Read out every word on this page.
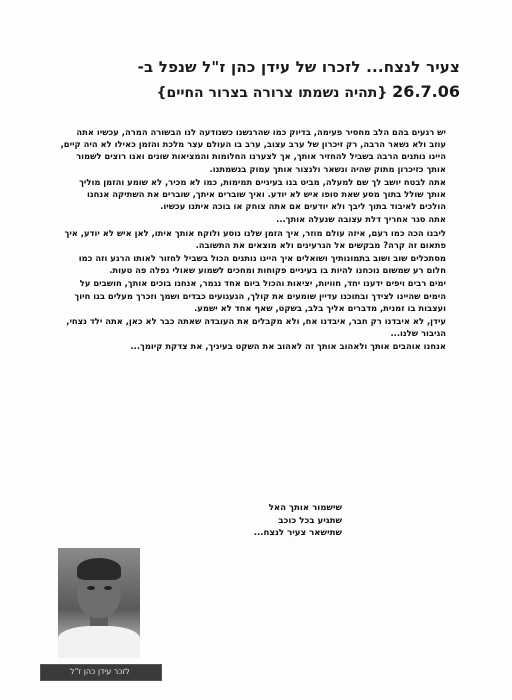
צעיר לנצח... לזכרו של עידן כהן ז"ל שנפל ב-
26.7.06 {תהיה נשמתו צרורה בצרור החיים}

יש רגעים בהם הלב מחסיר פעימה, בדיוק כמו שהרגשנו כשנודעה לנו הבשורה המרה, עכשיו אתה עוזב ולא נשאר הרבה, רק זיכרון של ערב עצוב, ערב בו העולם עצר מלכת והזמן כאילו לא היה קיים, היינו נותנים הרבה בשביל להחזיר אותך, אך לצערנו החלומות והמציאות שונים ואנו רוצים לשמור אותך כזיכרון מתוק שהיה ונשאר ולנצור אותך עמוק בנשמתנו.

אתה לבטח יושב לך שם למעלה, מביט בנו בעיניים תמימות, כמו לא מכיר, לא שומע והזמן מוליך אותך שולל בתוך מסע שאת סופו איש לא יודע. ואיך שוברים איתך, שוברים את השתיקה אנחנו הולכים לאיבוד בתוך ליבך ולא יודעים אם אתה צוחק או בוכה איתנו עכשיו.

אתה סגר אחריך דלת עצובה שנעלה אותך...

ליבנו הכה כמו רעם, איזה עולם מוזר, איך הזמן שלנו נוסע ולוקח אותך איתו, לאן איש לא יודע, איך פתאום זה קרה? מבקשים אל הגרעינים ולא מוצאים את התשובה.

מסתכלים שוב ושוב בתמונותיך ושואלים איך היינו נותנים הכול בשביל לחזור לאותו הרגע וזה כמו חלום רע שמשום נוכחנו להיות בו בעיניים פקוחות ומחכים לשמוע שאולי נפלה פה טעות.

ימים רבים ויפים ידענו יחד, חוויות, יציאות והכול ביום אחד נגמר, אנחנו בוכים אותך, חושבים על הימים שהיינו לצידך ובתוכנו עדיין שומעים את קולך, הגעגועים כבדים ושמך וזכרך מעלים בנו חיוך ועצבות בו זמנית, מדברים אליך בלב, בשקט, שאף אחד לא ישמע.

עידן, לא איבדנו רק חבר, איבדנו אח, ולא מקבלים את העובדה שאתה כבר לא כאן, אתה ילד נצחי, הגיבור שלנו...

אנחנו אוהבים אותך ולאהוב אותך זה לאהוב את השקט בעיניך, את צדקת קיומך...

שישמור אותך האל
שתגיע בכל כוכב
שתישאר צעיר לנצח...
לזכר עידן כהן ז"ל
